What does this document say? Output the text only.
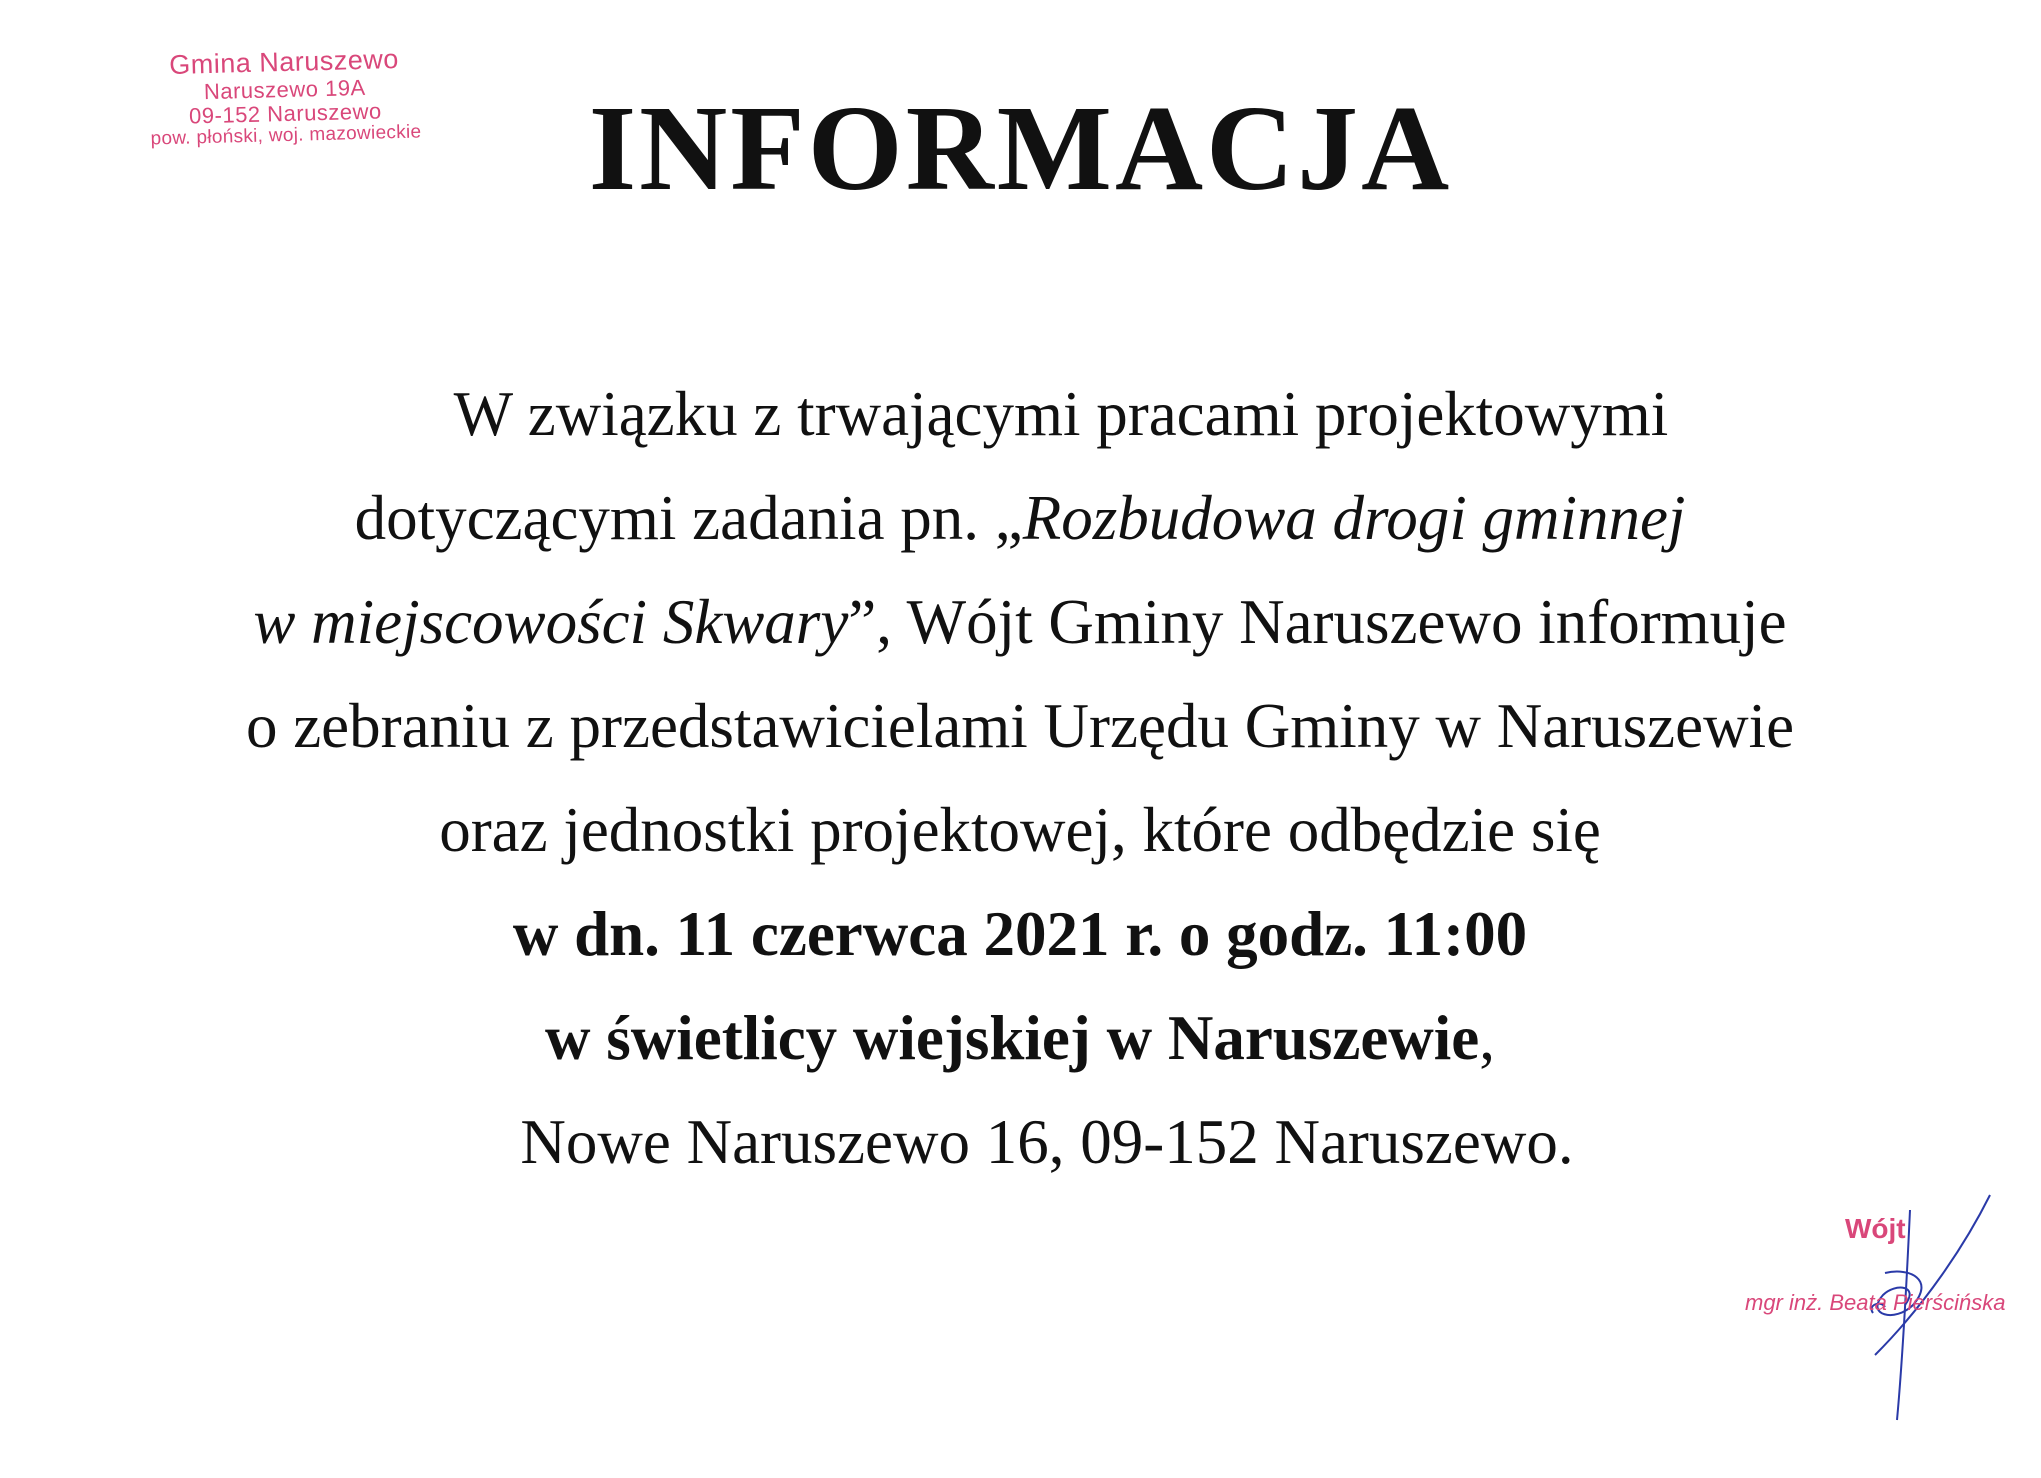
Gmina Naruszewo
Naruszewo 19A
09-152 Naruszewo
pow. płoński, woj. mazowieckie	INFORMACJA
W związku z trwającymi pracami projektowymi
dotyczącymi zadania pn. „Rozbudowa drogi gminnej
w miejscowości Skwary”, Wójt Gminy Naruszewo informuje
o zebraniu z przedstawicielami Urzędu Gminy w Naruszewie
oraz jednostki projektowej, które odbędzie się
w dn. 11 czerwca 2021 r. o godz. 11:00
w świetlicy wiejskiej w Naruszewie,
Nowe Naruszewo 16, 09-152 Naruszewo.
Wójt
mgr inż. Beata Pierścińska
